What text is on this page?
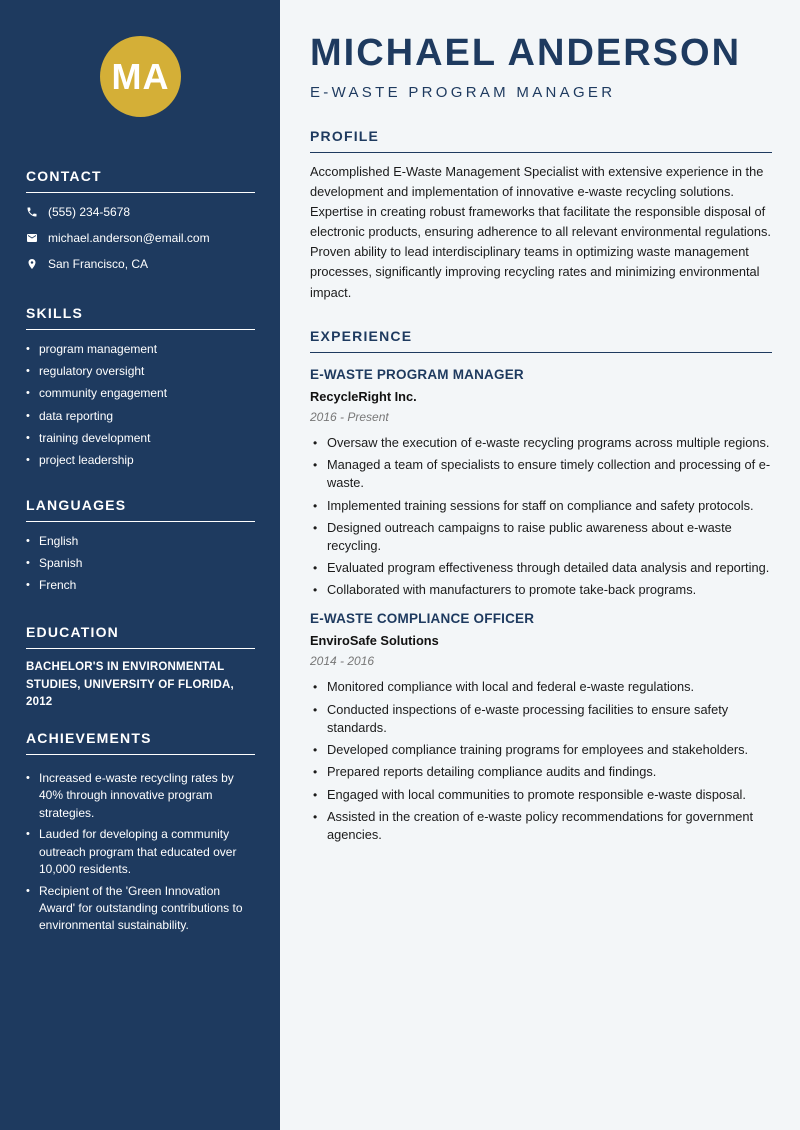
MA
CONTACT
(555) 234-5678
michael.anderson@email.com
San Francisco, CA
SKILLS
• program management
• regulatory oversight
• community engagement
• data reporting
• training development
• project leadership
LANGUAGES
• English
• Spanish
• French
EDUCATION
BACHELOR'S IN ENVIRONMENTAL STUDIES, UNIVERSITY OF FLORIDA, 2012
ACHIEVEMENTS
• Increased e-waste recycling rates by 40% through innovative program strategies.
• Lauded for developing a community outreach program that educated over 10,000 residents.
• Recipient of the 'Green Innovation Award' for outstanding contributions to environmental sustainability.
MICHAEL ANDERSON
E-WASTE PROGRAM MANAGER
PROFILE
Accomplished E-Waste Management Specialist with extensive experience in the development and implementation of innovative e-waste recycling solutions. Expertise in creating robust frameworks that facilitate the responsible disposal of electronic products, ensuring adherence to all relevant environmental regulations. Proven ability to lead interdisciplinary teams in optimizing waste management processes, significantly improving recycling rates and minimizing environmental impact.
EXPERIENCE
E-WASTE PROGRAM MANAGER
RecycleRight Inc.
2016 - Present
• Oversaw the execution of e-waste recycling programs across multiple regions.
• Managed a team of specialists to ensure timely collection and processing of e-waste.
• Implemented training sessions for staff on compliance and safety protocols.
• Designed outreach campaigns to raise public awareness about e-waste recycling.
• Evaluated program effectiveness through detailed data analysis and reporting.
• Collaborated with manufacturers to promote take-back programs.
E-WASTE COMPLIANCE OFFICER
EnviroSafe Solutions
2014 - 2016
• Monitored compliance with local and federal e-waste regulations.
• Conducted inspections of e-waste processing facilities to ensure safety standards.
• Developed compliance training programs for employees and stakeholders.
• Prepared reports detailing compliance audits and findings.
• Engaged with local communities to promote responsible e-waste disposal.
• Assisted in the creation of e-waste policy recommendations for government agencies.
